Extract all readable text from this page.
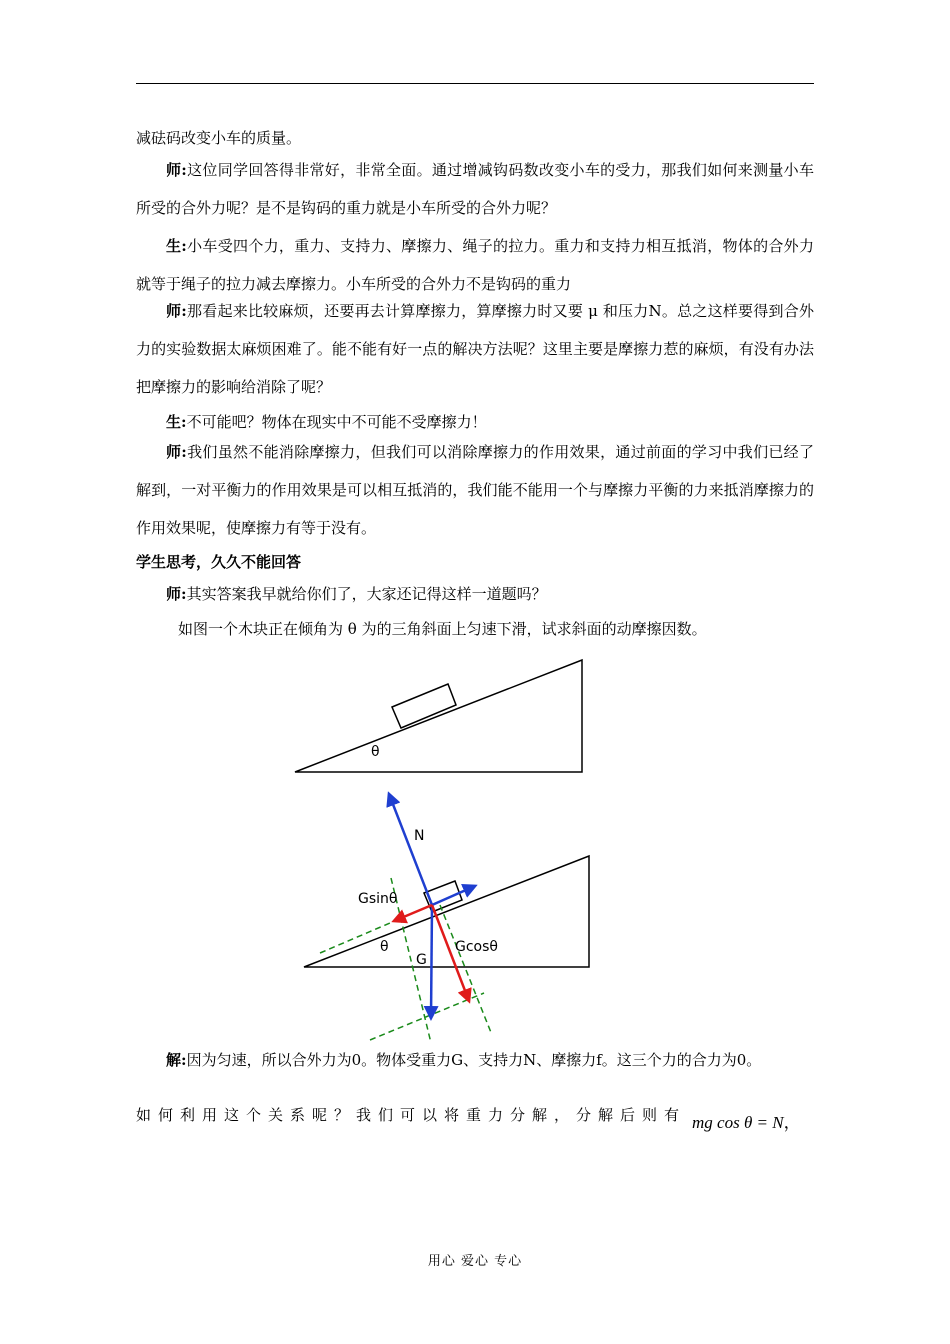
减砝码改变小车的质量。

师:这位同学回答得非常好，非常全面。通过增减钩码数改变小车的受力，那我们如何来测量小车所受的合外力呢？是不是钩码的重力就是小车所受的合外力呢？

生:小车受四个力，重力、支持力、摩擦力、绳子的拉力。重力和支持力相互抵消，物体的合外力就等于绳子的拉力减去摩擦力。小车所受的合外力不是钩码的重力

师:那看起来比较麻烦，还要再去计算摩擦力，算摩擦力时又要 μ 和压力N。总之这样要得到合外力的实验数据太麻烦困难了。能不能有好一点的解决方法呢？这里主要是摩擦力惹的麻烦，有没有办法把摩擦力的影响给消除了呢？

生:不可能吧？物体在现实中不可能不受摩擦力！

师:我们虽然不能消除摩擦力，但我们可以消除摩擦力的作用效果，通过前面的学习中我们已经了解到，一对平衡力的作用效果是可以相互抵消的，我们能不能用一个与摩擦力平衡的力来抵消摩擦力的作用效果呢，使摩擦力有等于没有。

学生思考，久久不能回答

师:其实答案我早就给你们了，大家还记得这样一道题吗？

如图一个木块正在倾角为 θ 为的三角斜面上匀速下滑，试求斜面的动摩擦因数。

θ
N
Gsinθ
Gcosθ
G
θ

解:因为匀速，所以合外力为0。物体受重力G、支持力N、摩擦力f。这三个力的合力为0。

如何利用这个关系呢？我们可以将重力分解，分解后则有 mg cos θ = N，
用心 爱心 专心
